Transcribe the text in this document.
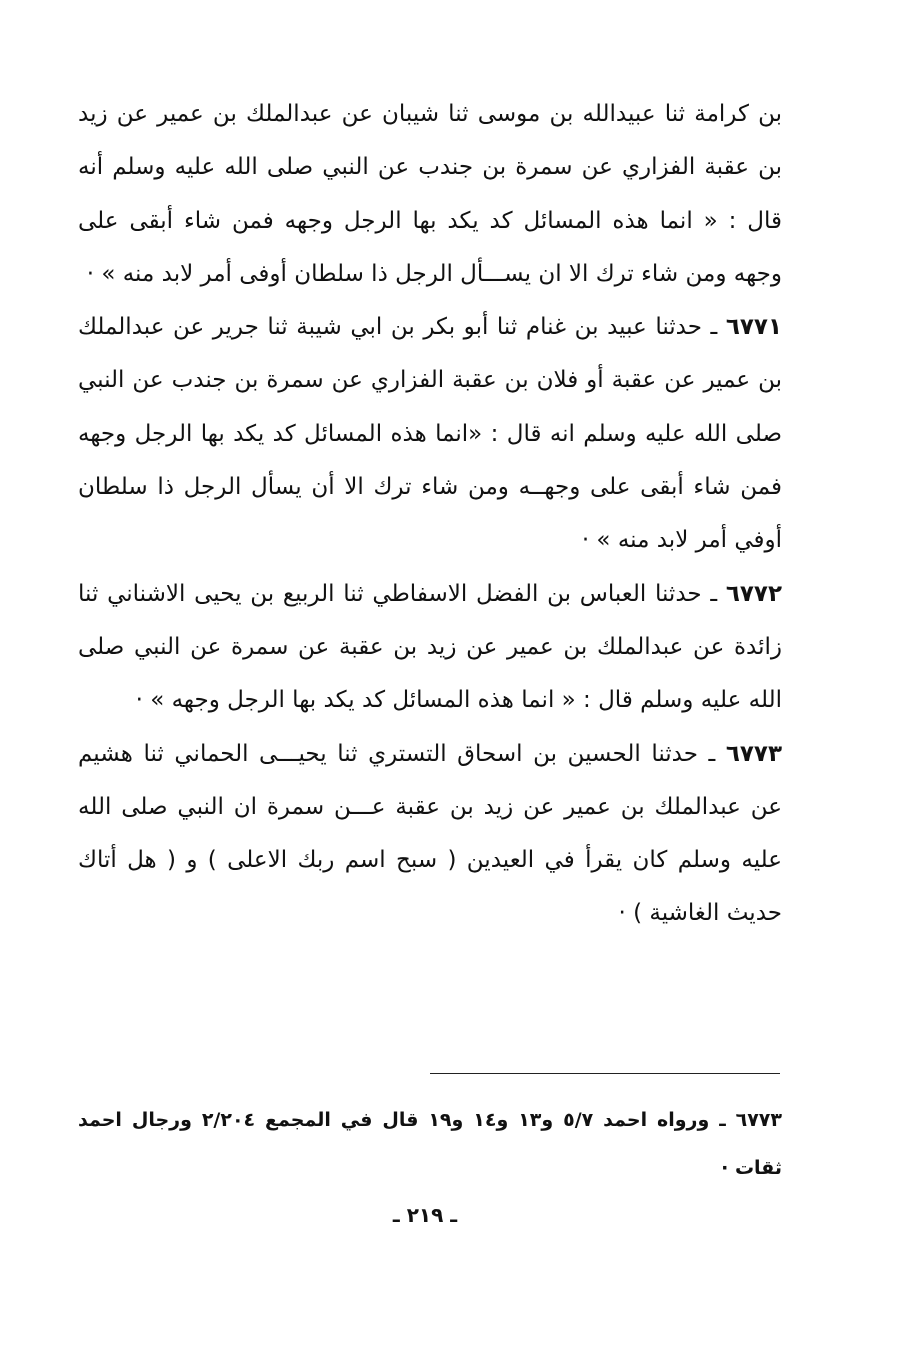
بن كرامة ثنا عبيدالله بن موسى ثنا شيبان عن عبدالملك بن عمير عن زيد بن عقبة الفزاري عن سمرة بن جندب عن النبي صلى الله عليه وسلم أنه قال : « انما هذه المسائل كد يكد بها الرجل وجهه فمن شاء أبقى على وجهه ومن شاء ترك الا ان يســـأل الرجل ذا سلطان أوفى أمر لابد منه » ·

٦٧٧١ ـ حدثنا عبيد بن غنام ثنا أبو بكر بن ابي شيبة ثنا جرير عن عبدالملك بن عمير عن عقبة أو فلان بن عقبة الفزاري عن سمرة بن جندب عن النبي صلى الله عليه وسلم انه قال : «انما هذه المسائل كد يكد بها الرجل وجهه فمن شاء أبقى على وجهــه ومن شاء ترك الا أن يسأل الرجل ذا سلطان أوفي أمر لابد منه » ·

٦٧٧٢ ـ حدثنا العباس بن الفضل الاسفاطي ثنا الربيع بن يحيى الاشناني ثنا زائدة عن عبدالملك بن عمير عن زيد بن عقبة عن سمرة عن النبي صلى الله عليه وسلم قال : « انما هذه المسائل كد يكد بها الرجل وجهه » ·

٦٧٧٣ ـ حدثنا الحسين بن اسحاق التستري ثنا يحيـــى الحماني ثنا هشيم عن عبدالملك بن عمير عن زيد بن عقبة عـــن سمرة ان النبي صلى الله عليه وسلم كان يقرأ في العيدين ( سبح اسم ربك الاعلى ) و ( هل أتاك حديث الغاشية ) ·

٦٧٧٣ ـ ورواه احمد ٥/٧ و١٣ و١٤ و١٩ قال في المجمع ٢/٢٠٤ ورجال احمد ثقات ·
ـ ٢١٩ ـ
